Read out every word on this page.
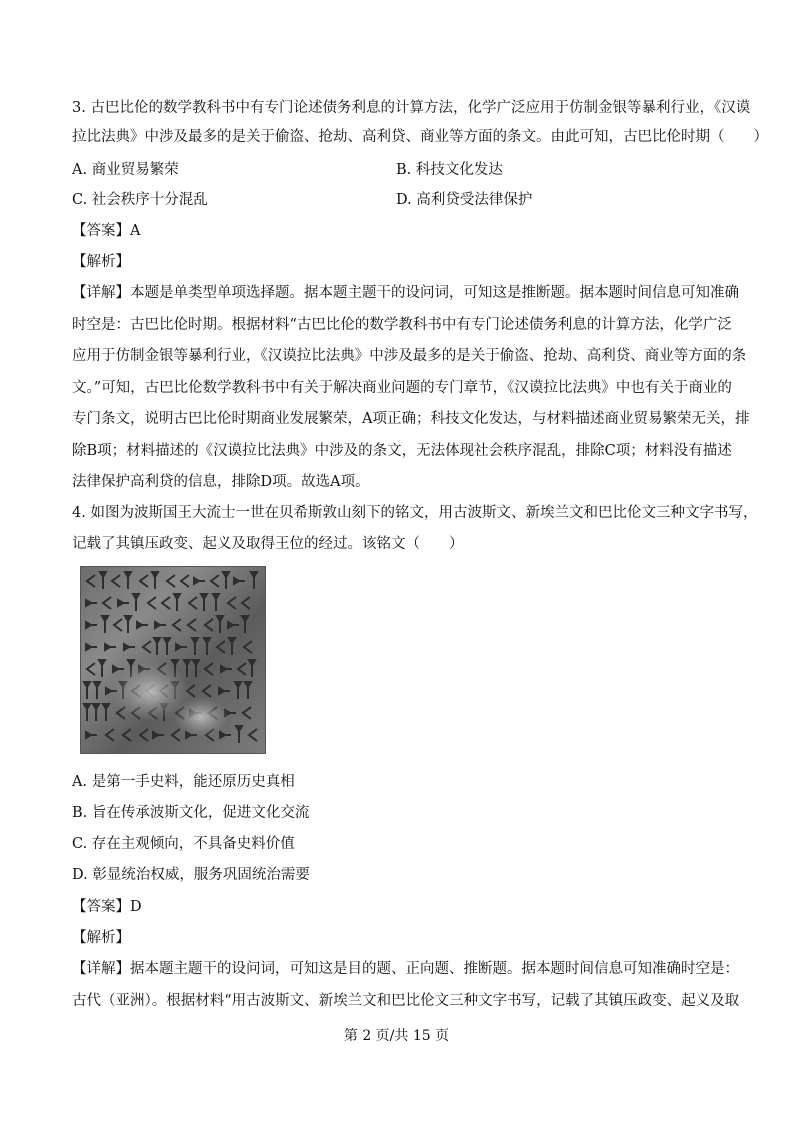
3. 古巴比伦的数学教科书中有专门论述债务利息的计算方法，化学广泛应用于仿制金银等暴利行业，《汉谟
拉比法典》中涉及最多的是关于偷盗、抢劫、高利贷、商业等方面的条文。由此可知，古巴比伦时期（　　）
A. 商业贸易繁荣	B. 科技文化发达
C. 社会秩序十分混乱	D. 高利贷受法律保护
【答案】A
【解析】
【详解】本题是单类型单项选择题。据本题主题干的设问词，可知这是推断题。据本题时间信息可知准确
时空是：古巴比伦时期。根据材料“古巴比伦的数学教科书中有专门论述债务利息的计算方法，化学广泛
应用于仿制金银等暴利行业，《汉谟拉比法典》中涉及最多的是关于偷盗、抢劫、高利贷、商业等方面的条
文。”可知，古巴比伦数学教科书中有关于解决商业问题的专门章节，《汉谟拉比法典》中也有关于商业的
专门条文，说明古巴比伦时期商业发展繁荣，A项正确；科技文化发达，与材料描述商业贸易繁荣无关，排
除B项；材料描述的《汉谟拉比法典》中涉及的条文，无法体现社会秩序混乱，排除C项；材料没有描述
法律保护高利贷的信息，排除D项。故选A项。
4. 如图为波斯国王大流士一世在贝希斯敦山刻下的铭文，用古波斯文、新埃兰文和巴比伦文三种文字书写，
记载了其镇压政变、起义及取得王位的经过。该铭文（　　）
A. 是第一手史料，能还原历史真相
B. 旨在传承波斯文化，促进文化交流
C. 存在主观倾向，不具备史料价值
D. 彰显统治权威，服务巩固统治需要
【答案】D
【解析】
【详解】据本题主题干的设问词，可知这是目的题、正向题、推断题。据本题时间信息可知准确时空是：
古代（亚洲）。根据材料“用古波斯文、新埃兰文和巴比伦文三种文字书写，记载了其镇压政变、起义及取
第 2 页/共 15 页
